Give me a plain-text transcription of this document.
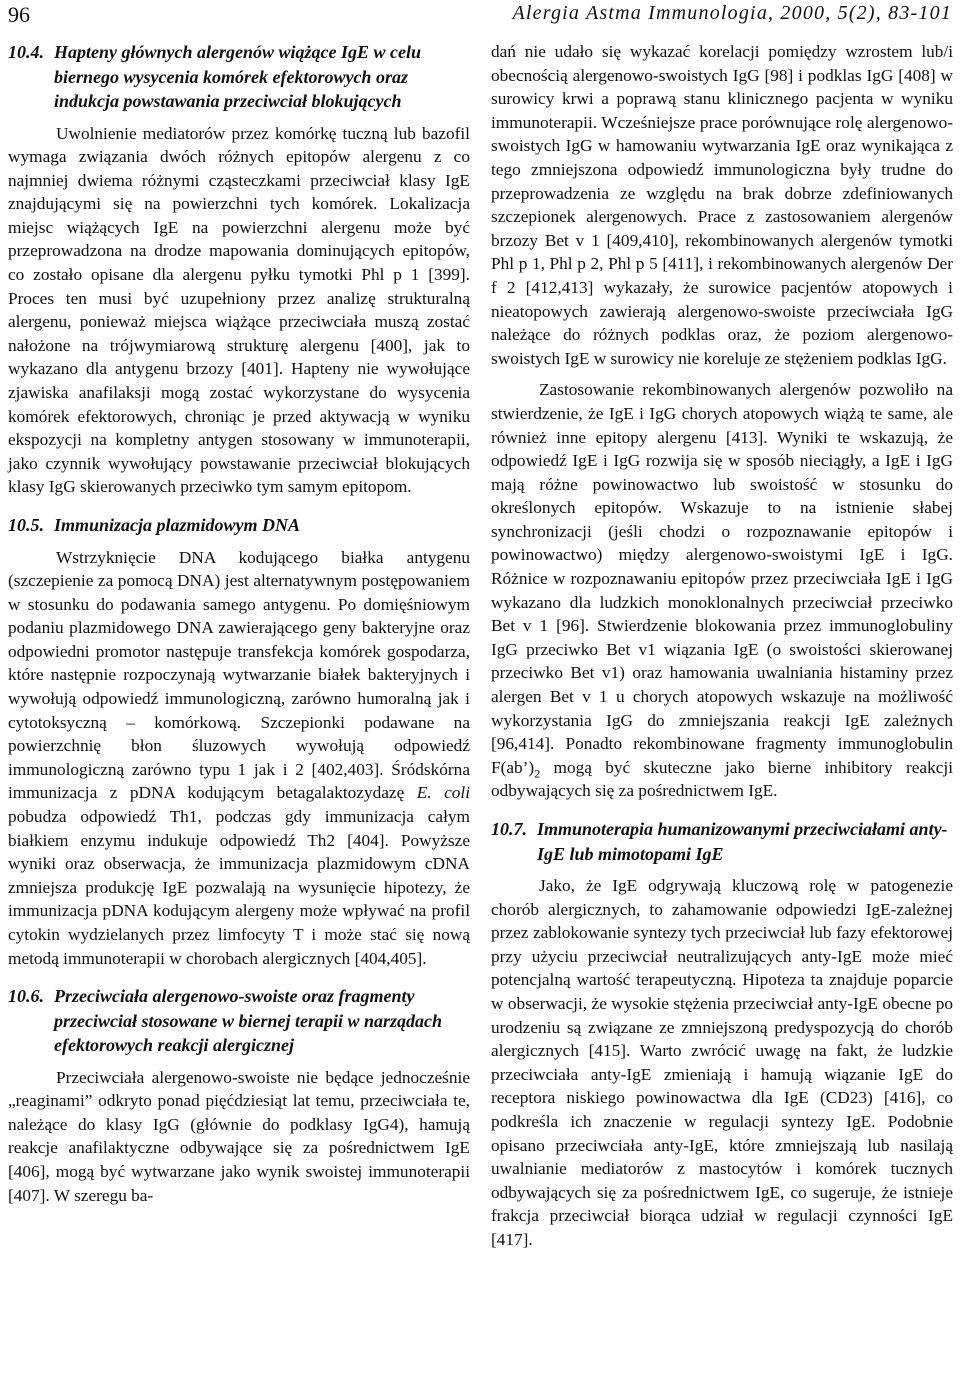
96	Alergia Astma Immunologia, 2000, 5(2), 83-101
10.4. Hapteny głównych alergenów wiążące IgE w celu biernego wysycenia komórek efektorowych oraz indukcja powstawania przeciwciał blokujących

Uwolnienie mediatorów przez komórkę tuczną lub bazofil wymaga związania dwóch różnych epitopów alergenu z co najmniej dwiema różnymi cząsteczkami przeciwciał klasy IgE znajdującymi się na powierzchni tych komórek. Lokalizacja miejsc wiążących IgE na powierzchni alergenu może być przeprowadzona na drodze mapowania dominujących epitopów, co zostało opisane dla alergenu pyłku tymotki Phl p 1 [399]. Proces ten musi być uzupełniony przez analizę strukturalną alergenu, ponieważ miejsca wiążące przeciwciała muszą zostać nałożone na trójwymiarową strukturę alergenu [400], jak to wykazano dla antygenu brzozy [401]. Hapteny nie wywołujące zjawiska anafilaksji mogą zostać wykorzystane do wysycenia komórek efektorowych, chroniąc je przed aktywacją w wyniku ekspozycji na kompletny antygen stosowany w immunoterapii, jako czynnik wywołujący powstawanie przeciwciał blokujących klasy IgG skierowanych przeciwko tym samym epitopom.

10.5. Immunizacja plazmidowym DNA

Wstrzyknięcie DNA kodującego białka antygenu (szczepienie za pomocą DNA) jest alternatywnym postępowaniem w stosunku do podawania samego antygenu. Po domięśniowym podaniu plazmidowego DNA zawierającego geny bakteryjne oraz odpowiedni promotor następuje transfekcja komórek gospodarza, które następnie rozpoczynają wytwarzanie białek bakteryjnych i wywołują odpowiedź immunologiczną, zarówno humoralną jak i cytotoksyczną – komórkową. Szczepionki podawane na powierzchnię błon śluzowych wywołują odpowiedź immunologiczną zarówno typu 1 jak i 2 [402,403]. Śródskórna immunizacja z pDNA kodującym betagalaktozydazę E. coli pobudza odpowiedź Th1, podczas gdy immunizacja całym białkiem enzymu indukuje odpowiedź Th2 [404]. Powyższe wyniki oraz obserwacja, że immunizacja plazmidowym cDNA zmniejsza produkcję IgE pozwalają na wysunięcie hipotezy, że immunizacja pDNA kodującym alergeny może wpływać na profil cytokin wydzielanych przez limfocyty T i może stać się nową metodą immunoterapii w chorobach alergicznych [404,405].

10.6. Przeciwciała alergenowo-swoiste oraz fragmenty przeciwciał stosowane w biernej terapii w narządach efektorowych reakcji alergicznej

Przeciwciała alergenowo-swoiste nie będące jednocześnie „reaginami” odkryto ponad pięćdziesiąt lat temu, przeciwciała te, należące do klasy IgG (głównie do podklasy IgG4), hamują reakcje anafilaktyczne odbywające się za pośrednictwem IgE [406], mogą być wytwarzane jako wynik swoistej immunoterapii [407]. W szeregu ba-

dań nie udało się wykazać korelacji pomiędzy wzrostem lub/i obecnością alergenowo-swoistych IgG [98] i podklas IgG [408] w surowicy krwi a poprawą stanu klinicznego pacjenta w wyniku immunoterapii. Wcześniejsze prace porównujące rolę alergenowo-swoistych IgG w hamowaniu wytwarzania IgE oraz wynikająca z tego zmniejszona odpowiedź immunologiczna były trudne do przeprowadzenia ze względu na brak dobrze zdefiniowanych szczepionek alergenowych. Prace z zastosowaniem alergenów brzozy Bet v 1 [409,410], rekombinowanych alergenów tymotki Phl p 1, Phl p 2, Phl p 5 [411], i rekombinowanych alergenów Der f 2 [412,413] wykazały, że surowice pacjentów atopowych i nieatopowych zawierają alergenowo-swoiste przeciwciała IgG należące do różnych podklas oraz, że poziom alergenowo-swoistych IgE w surowicy nie koreluje ze stężeniem podklas IgG.

Zastosowanie rekombinowanych alergenów pozwoliło na stwierdzenie, że IgE i IgG chorych atopowych wiążą te same, ale również inne epitopy alergenu [413]. Wyniki te wskazują, że odpowiedź IgE i IgG rozwija się w sposób nieciągły, a IgE i IgG mają różne powinowactwo lub swoistość w stosunku do określonych epitopów. Wskazuje to na istnienie słabej synchronizacji (jeśli chodzi o rozpoznawanie epitopów i powinowactwo) między alergenowo-swoistymi IgE i IgG. Różnice w rozpoznawaniu epitopów przez przeciwciała IgE i IgG wykazano dla ludzkich monoklonalnych przeciwciał przeciwko Bet v 1 [96]. Stwierdzenie blokowania przez immunoglobuliny IgG przeciwko Bet v1 wiązania IgE (o swoistości skierowanej przeciwko Bet v1) oraz hamowania uwalniania histaminy przez alergen Bet v 1 u chorych atopowych wskazuje na możliwość wykorzystania IgG do zmniejszania reakcji IgE zależnych [96,414]. Ponadto rekombinowane fragmenty immunoglobulin $F(ab’)_2$ mogą być skuteczne jako bierne inhibitory reakcji odbywających się za pośrednictwem IgE.

10.7. Immunoterapia humanizowanymi przeciwciałami anty-IgE lub mimotopami IgE

Jako, że IgE odgrywają kluczową rolę w patogenezie chorób alergicznych, to zahamowanie odpowiedzi IgE-zależnej przez zablokowanie syntezy tych przeciwciał lub fazy efektorowej przy użyciu przeciwciał neutralizujących anty-IgE może mieć potencjalną wartość terapeutyczną. Hipoteza ta znajduje poparcie w obserwacji, że wysokie stężenia przeciwciał anty-IgE obecne po urodzeniu są związane ze zmniejszoną predyspozycją do chorób alergicznych [415]. Warto zwrócić uwagę na fakt, że ludzkie przeciwciała anty-IgE zmieniają i hamują wiązanie IgE do receptora niskiego powinowactwa dla IgE (CD23) [416], co podkreśla ich znaczenie w regulacji syntezy IgE. Podobnie opisano przeciwciała anty-IgE, które zmniejszają lub nasilają uwalnianie mediatorów z mastocytów i komórek tucznych odbywających się za pośrednictwem IgE, co sugeruje, że istnieje frakcja przeciwciał biorąca udział w regulacji czynności IgE [417].
